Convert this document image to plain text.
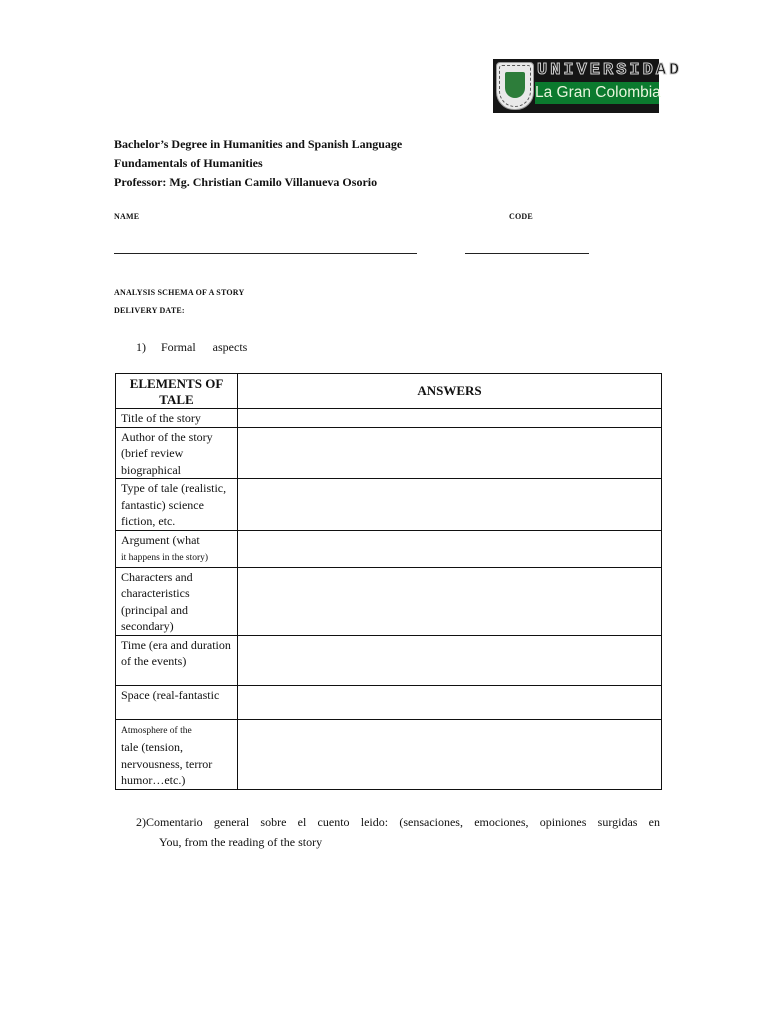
UNIVERSIDAD
La Gran Colombia
Bachelor’s Degree in Humanities and Spanish Language
Fundamentals of Humanities
Professor: Mg. Christian Camilo Villanueva Osorio
NAME	CODE
ANALYSIS SCHEMA OF A STORY
DELIVERY DATE:
1) Formal aspects
ELEMENTS OF TALE	ANSWERS
Title of the story	
Author of the story (brief review biographical	
Type of tale (realistic, fantastic) science fiction, etc.	
Argument (what
it happens in the story)	
Characters and characteristics (principal and secondary)	
Time (era and duration of the events)	
Space (real-fantastic	
Atmosphere of the
tale (tension, nervousness, terror humor…etc.)	
2)Comentario general sobre el cuento leido: (sensaciones, emociones, opiniones surgidas en
You, from the reading of the story
